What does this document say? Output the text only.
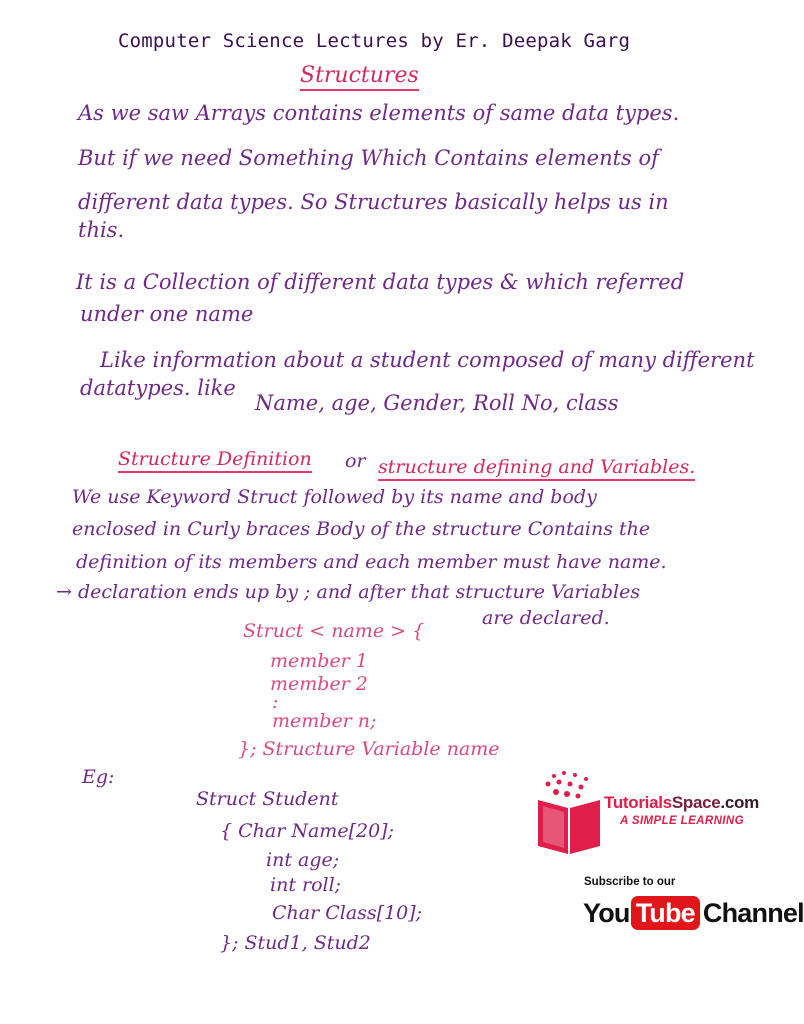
Computer Science Lectures by Er. Deepak Garg
Structures
As we saw Arrays contains elements of same data types.
But if we need Something Which Contains elements of
different data types. So Structures basically helps us in
this.
It is a Collection of different data types & which referred
under one name
Like information about a student composed of many different
datatypes. like
Name, age, Gender, Roll No, class
Structure Definition or structure defining and Variables.
We use Keyword Struct followed by its name and body
enclosed in Curly braces Body of the structure Contains the
definition of its members and each member must have name.
→ declaration ends up by ; and after that structure Variables
are declared.
Struct < name > {
member 1
member 2
:
member n;
}; Structure Variable name
Eg:
Struct Student
{ Char Name[20];
int age;
int roll;
Char Class[10];
}; Stud1, Stud2
TutorialsSpace.com
A SIMPLE LEARNING
Subscribe to our
You Tube Channel
